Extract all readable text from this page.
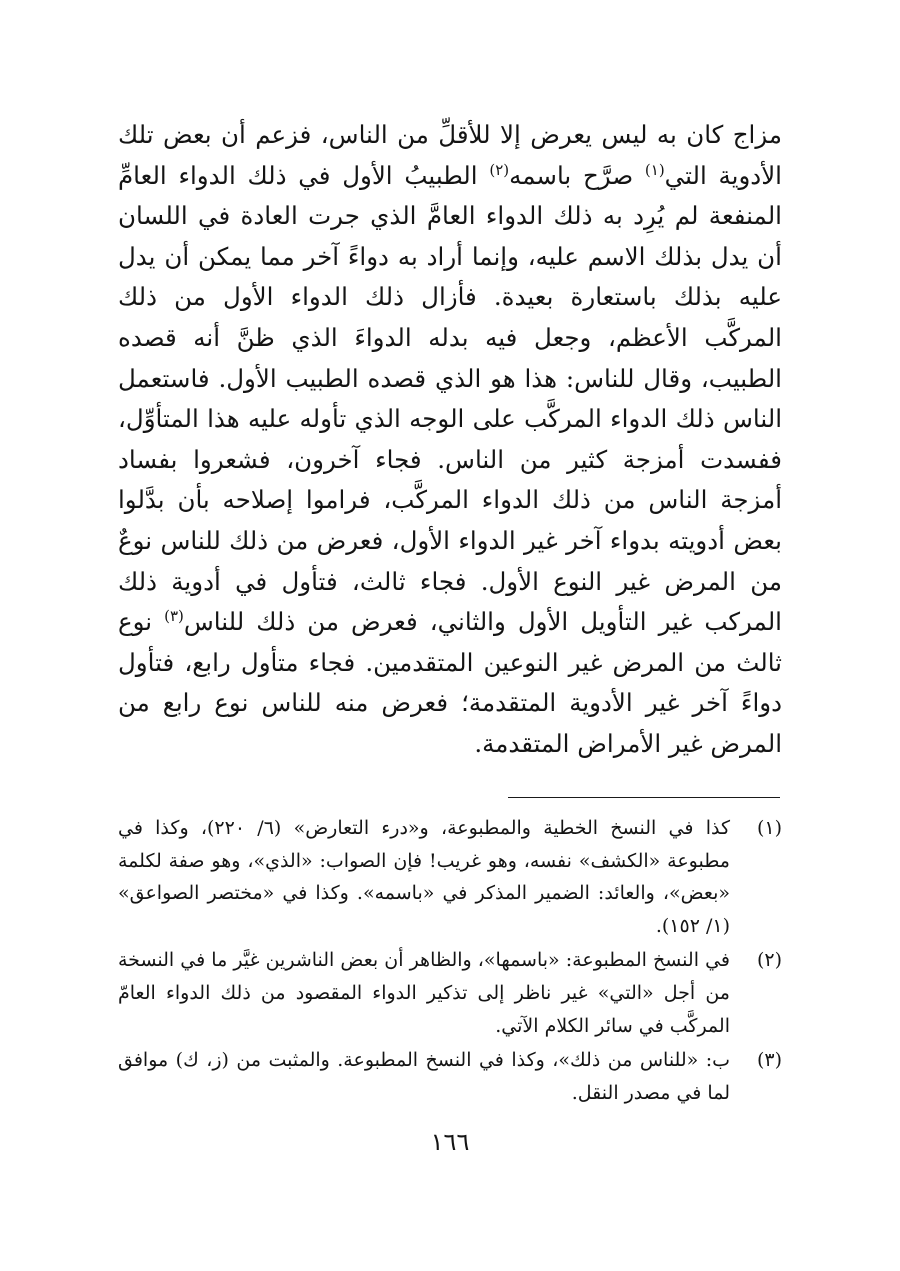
مزاج كان به ليس يعرض إلا للأقلِّ من الناس، فزعم أن بعض تلك الأدوية التي$^{(١)}$ صرَّح باسمه$^{(٢)}$ الطبيبُ الأول في ذلك الدواء العامِّ المنفعة لم يُرِد به ذلك الدواء العامَّ الذي جرت العادة في اللسان أن يدل بذلك الاسم عليه، وإنما أراد به دواءً آخر مما يمكن أن يدل عليه بذلك باستعارة بعيدة. فأزال ذلك الدواء الأول من ذلك المركَّب الأعظم، وجعل فيه بدله الدواءَ الذي ظنَّ أنه قصده الطبيب، وقال للناس: هذا هو الذي قصده الطبيب الأول. فاستعمل الناس ذلك الدواء المركَّب على الوجه الذي تأوله عليه هذا المتأوِّل، ففسدت أمزجة كثير من الناس. فجاء آخرون، فشعروا بفساد أمزجة الناس من ذلك الدواء المركَّب، فراموا إصلاحه بأن بدَّلوا بعض أدويته بدواء آخر غير الدواء الأول، فعرض من ذلك للناس نوعٌ من المرض غير النوع الأول. فجاء ثالث، فتأول في أدوية ذلك المركب غير التأويل الأول والثاني، فعرض من ذلك للناس$^{(٣)}$ نوع ثالث من المرض غير النوعين المتقدمين. فجاء متأول رابع، فتأول دواءً آخر غير الأدوية المتقدمة؛ فعرض منه للناس نوع رابع من المرض غير الأمراض المتقدمة.

(١)
كذا في النسخ الخطية والمطبوعة، و«درء التعارض» (٦/ ٢٢٠)، وكذا في مطبوعة «الكشف» نفسه، وهو غريب! فإن الصواب: «الذي»، وهو صفة لكلمة «بعض»، والعائد: الضمير المذكر في «باسمه». وكذا في «مختصر الصواعق» (١/ ١٥٢).
(٢)
في النسخ المطبوعة: «باسمها»، والظاهر أن بعض الناشرين غيَّر ما في النسخة من أجل «التي» غير ناظر إلى تذكير الدواء المقصود من ذلك الدواء العامّ المركَّب في سائر الكلام الآتي.
(٣)
ب: «للناس من ذلك»، وكذا في النسخ المطبوعة. والمثبت من (ز، ك) موافق لما في مصدر النقل.
١٦٦
